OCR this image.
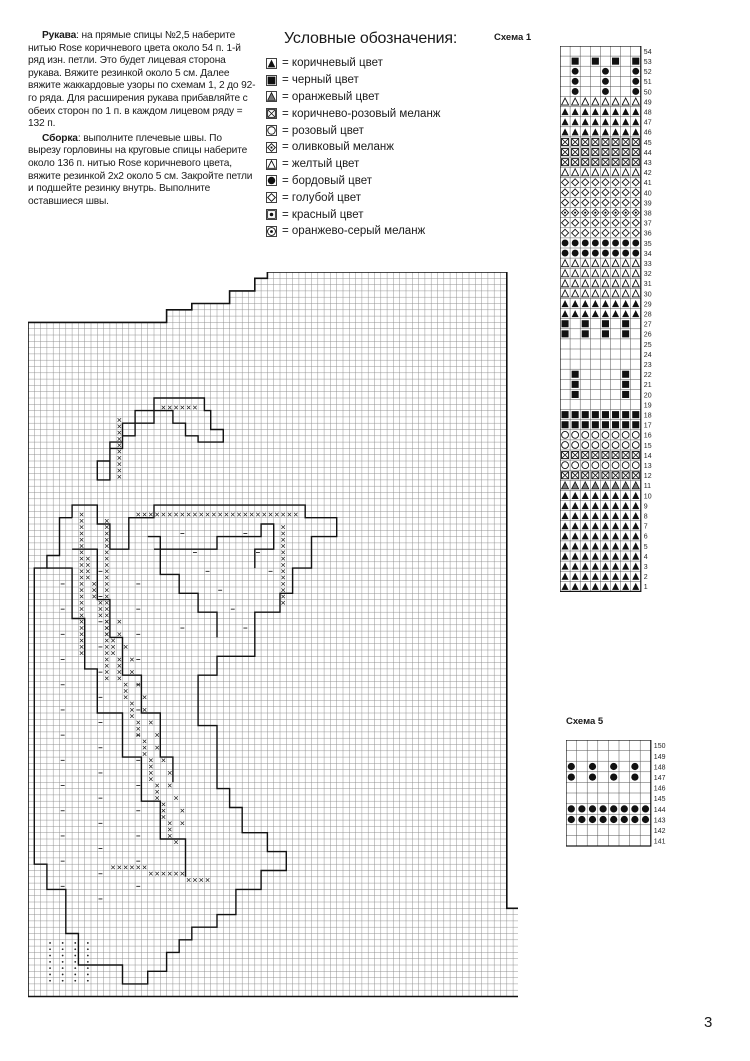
Рукава: на прямые спицы №2,5 наберите нитью Rose коричневого цвета около 54 п. 1-й ряд изн. петли. Это будет лицевая сторона рукава. Вяжите резинкой около 5 см. Далее вяжите жаккардовые узоры по схемам 1, 2 до 92-го ряда. Для расширения рукава прибавляйте с обеих сторон по 1 п. в каждом лицевом ряду = 132 п.

Сборка: выполните плечевые швы. По вырезу горловины на круговые спицы наберите около 136 п. нитью Rose коричневого цвета, вяжите резинкой 2х2 около 5 см. Закройте петли и подшейте резинку внутрь. Выполните оставшиеся швы.

Условные обозначения:
= коричневый цвет
= черный цвет
= оранжевый цвет
= коричнево-розовый меланж
= розовый цвет
= оливковый меланж
= желтый цвет
= бордовый цвет
= голубой цвет
= красный цвет
= оранжево-серый меланж
Схема 1
Схема 5
54
53
52
51
50
49
48
47
46
45
44
43
42
41
40
39
38
37
36
35
34
33
32
31
30
29
28
27
26
25
24
23
22
21
20
19
18
17
16
15
14
13
12
11
10
9
8
7
6
5
4
3
2
1
150
149
148
147
146
145
144
143
142
141
3
